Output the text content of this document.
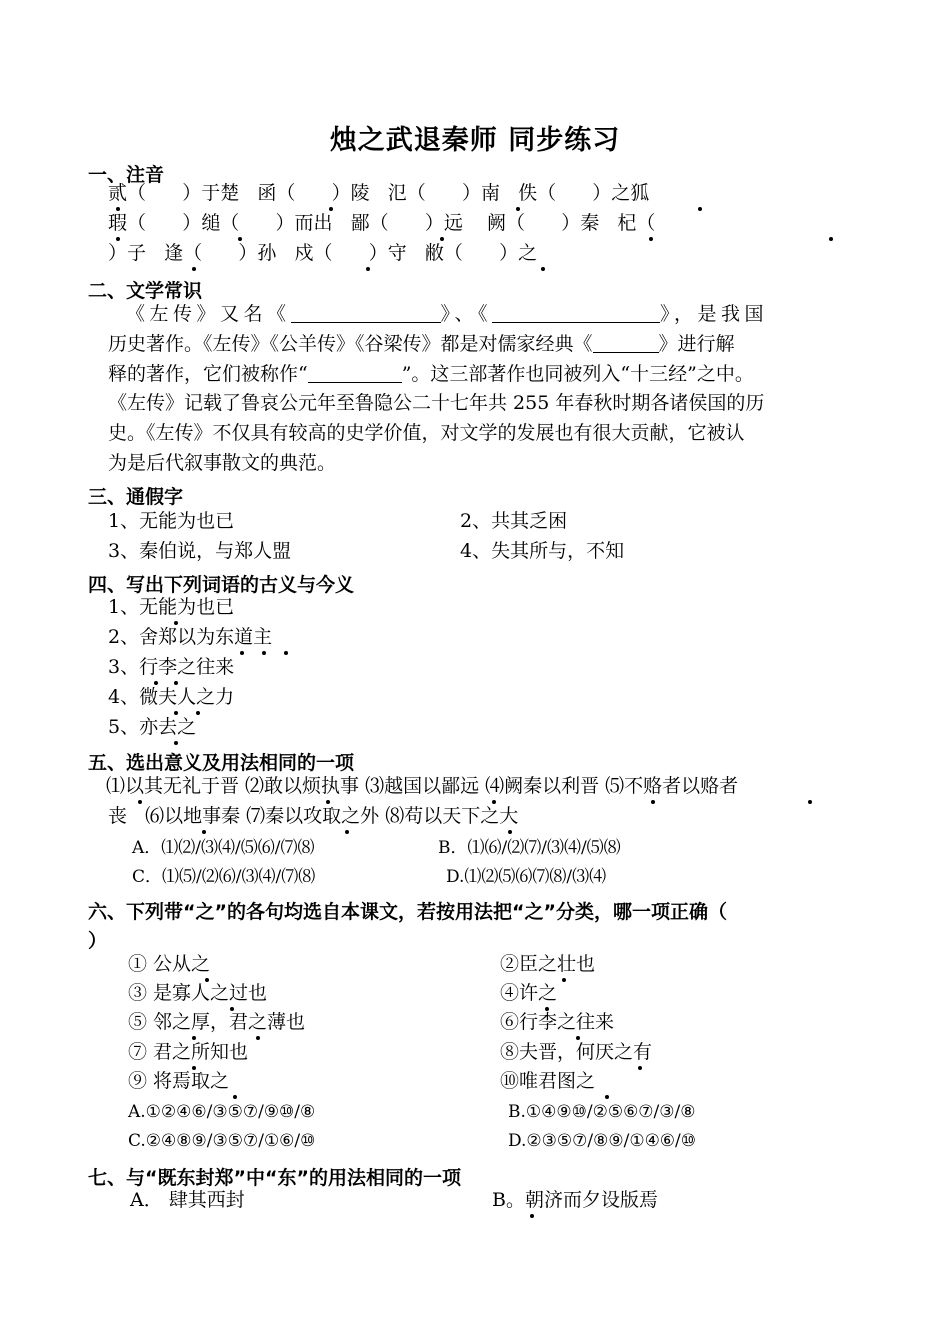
烛之武退秦师 同步练习
一、注音
贰（      ）于楚   函（      ）陵   氾（      ）南   佚（      ）之狐
瑕（      ）缒（      ）而出   鄙（      ）远    阙（      ）秦   杞（
）子   逢（      ）孙   戍（      ）守   敝（      ）之
二、文学常识
《左传》又名《	》、《	》，是我国
历史著作。《左传》《公羊传》《谷梁传》都是对儒家经典《	》进行解
释的著作，它们被称作“	”。这三部著作也同被列入“十三经”之中。
《左传》记载了鲁哀公元年至鲁隐公二十七年共 255 年春秋时期各诸侯国的历
史。《左传》不仅具有较高的史学价值，对文学的发展也有很大贡献，它被认
为是后代叙事散文的典范。
三、通假字
1、无能为也已	2、共其乏困
3、秦伯说，与郑人盟	4、失其所与，不知
四、写出下列词语的古义与今义
1、无能为也已
2、舍郑以为东道主
3、行李之往来
4、微夫人之力
5、亦去之
五、选出意义及用法相同的一项
⑴以其无礼于晋 ⑵敢以烦执事 ⑶越国以鄙远 ⑷阙秦以利晋 ⑸不赂者以赂者
丧   ⑹以地事秦 ⑺秦以攻取之外 ⑻苟以天下之大
A．⑴⑵/⑶⑷/⑸⑹/⑺⑻	B．⑴⑹/⑵⑺/⑶⑷/⑸⑻
C．⑴⑸/⑵⑹/⑶⑷/⑺⑻	D.⑴⑵⑸⑹⑺⑻/⑶⑷
六、下列带“之”的各句均选自本课文，若按用法把“之”分类，哪一项正确（
）
① 公从之	②臣之壮也
③ 是寡人之过也	④许之
⑤ 邻之厚，君之薄也	⑥行李之往来
⑦ 君之所知也	⑧夫晋，何厌之有
⑨ 将焉取之	⑩唯君图之
A.①②④⑥/③⑤⑦/⑨⑩/⑧	B.①④⑨⑩/②⑤⑥⑦/③/⑧
C.②④⑧⑨/③⑤⑦/①⑥/⑩	D.②③⑤⑦/⑧⑨/①④⑥/⑩
七、与“既东封郑”中“东”的用法相同的一项
A． 肆其西封	B。朝济而夕设版焉
